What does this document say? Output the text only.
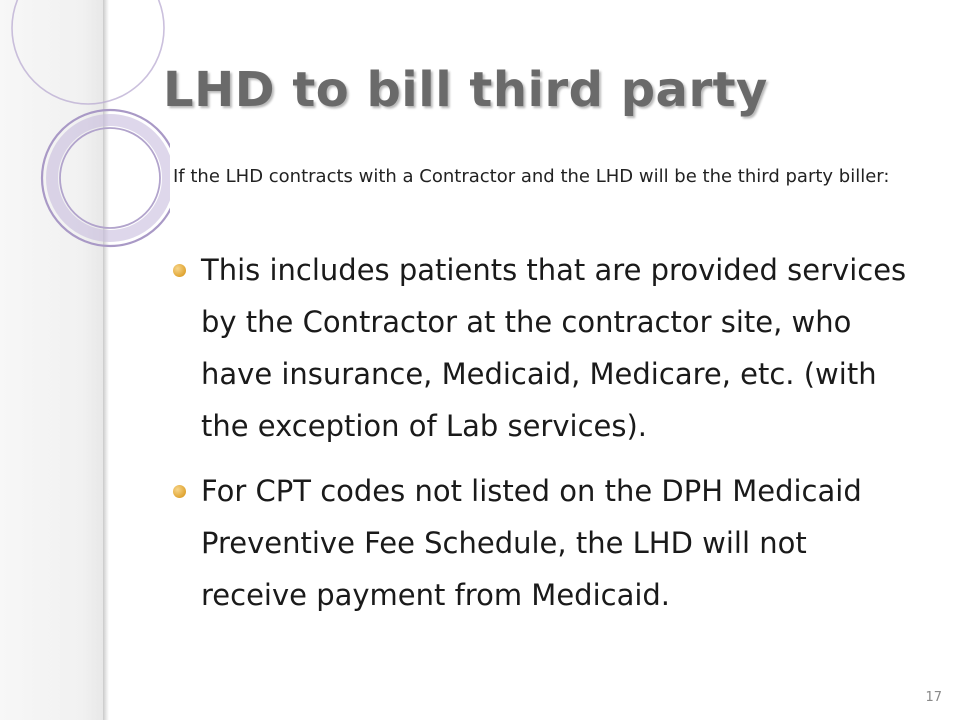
LHD to bill third party

If the LHD contracts with a Contractor and the LHD will be the third party biller:

This includes patients that are provided services by the Contractor at the contractor site, who have insurance, Medicaid, Medicare, etc. (with the exception of Lab services).
For CPT codes not listed on the DPH Medicaid Preventive Fee Schedule, the LHD will not receive payment from Medicaid.
17
